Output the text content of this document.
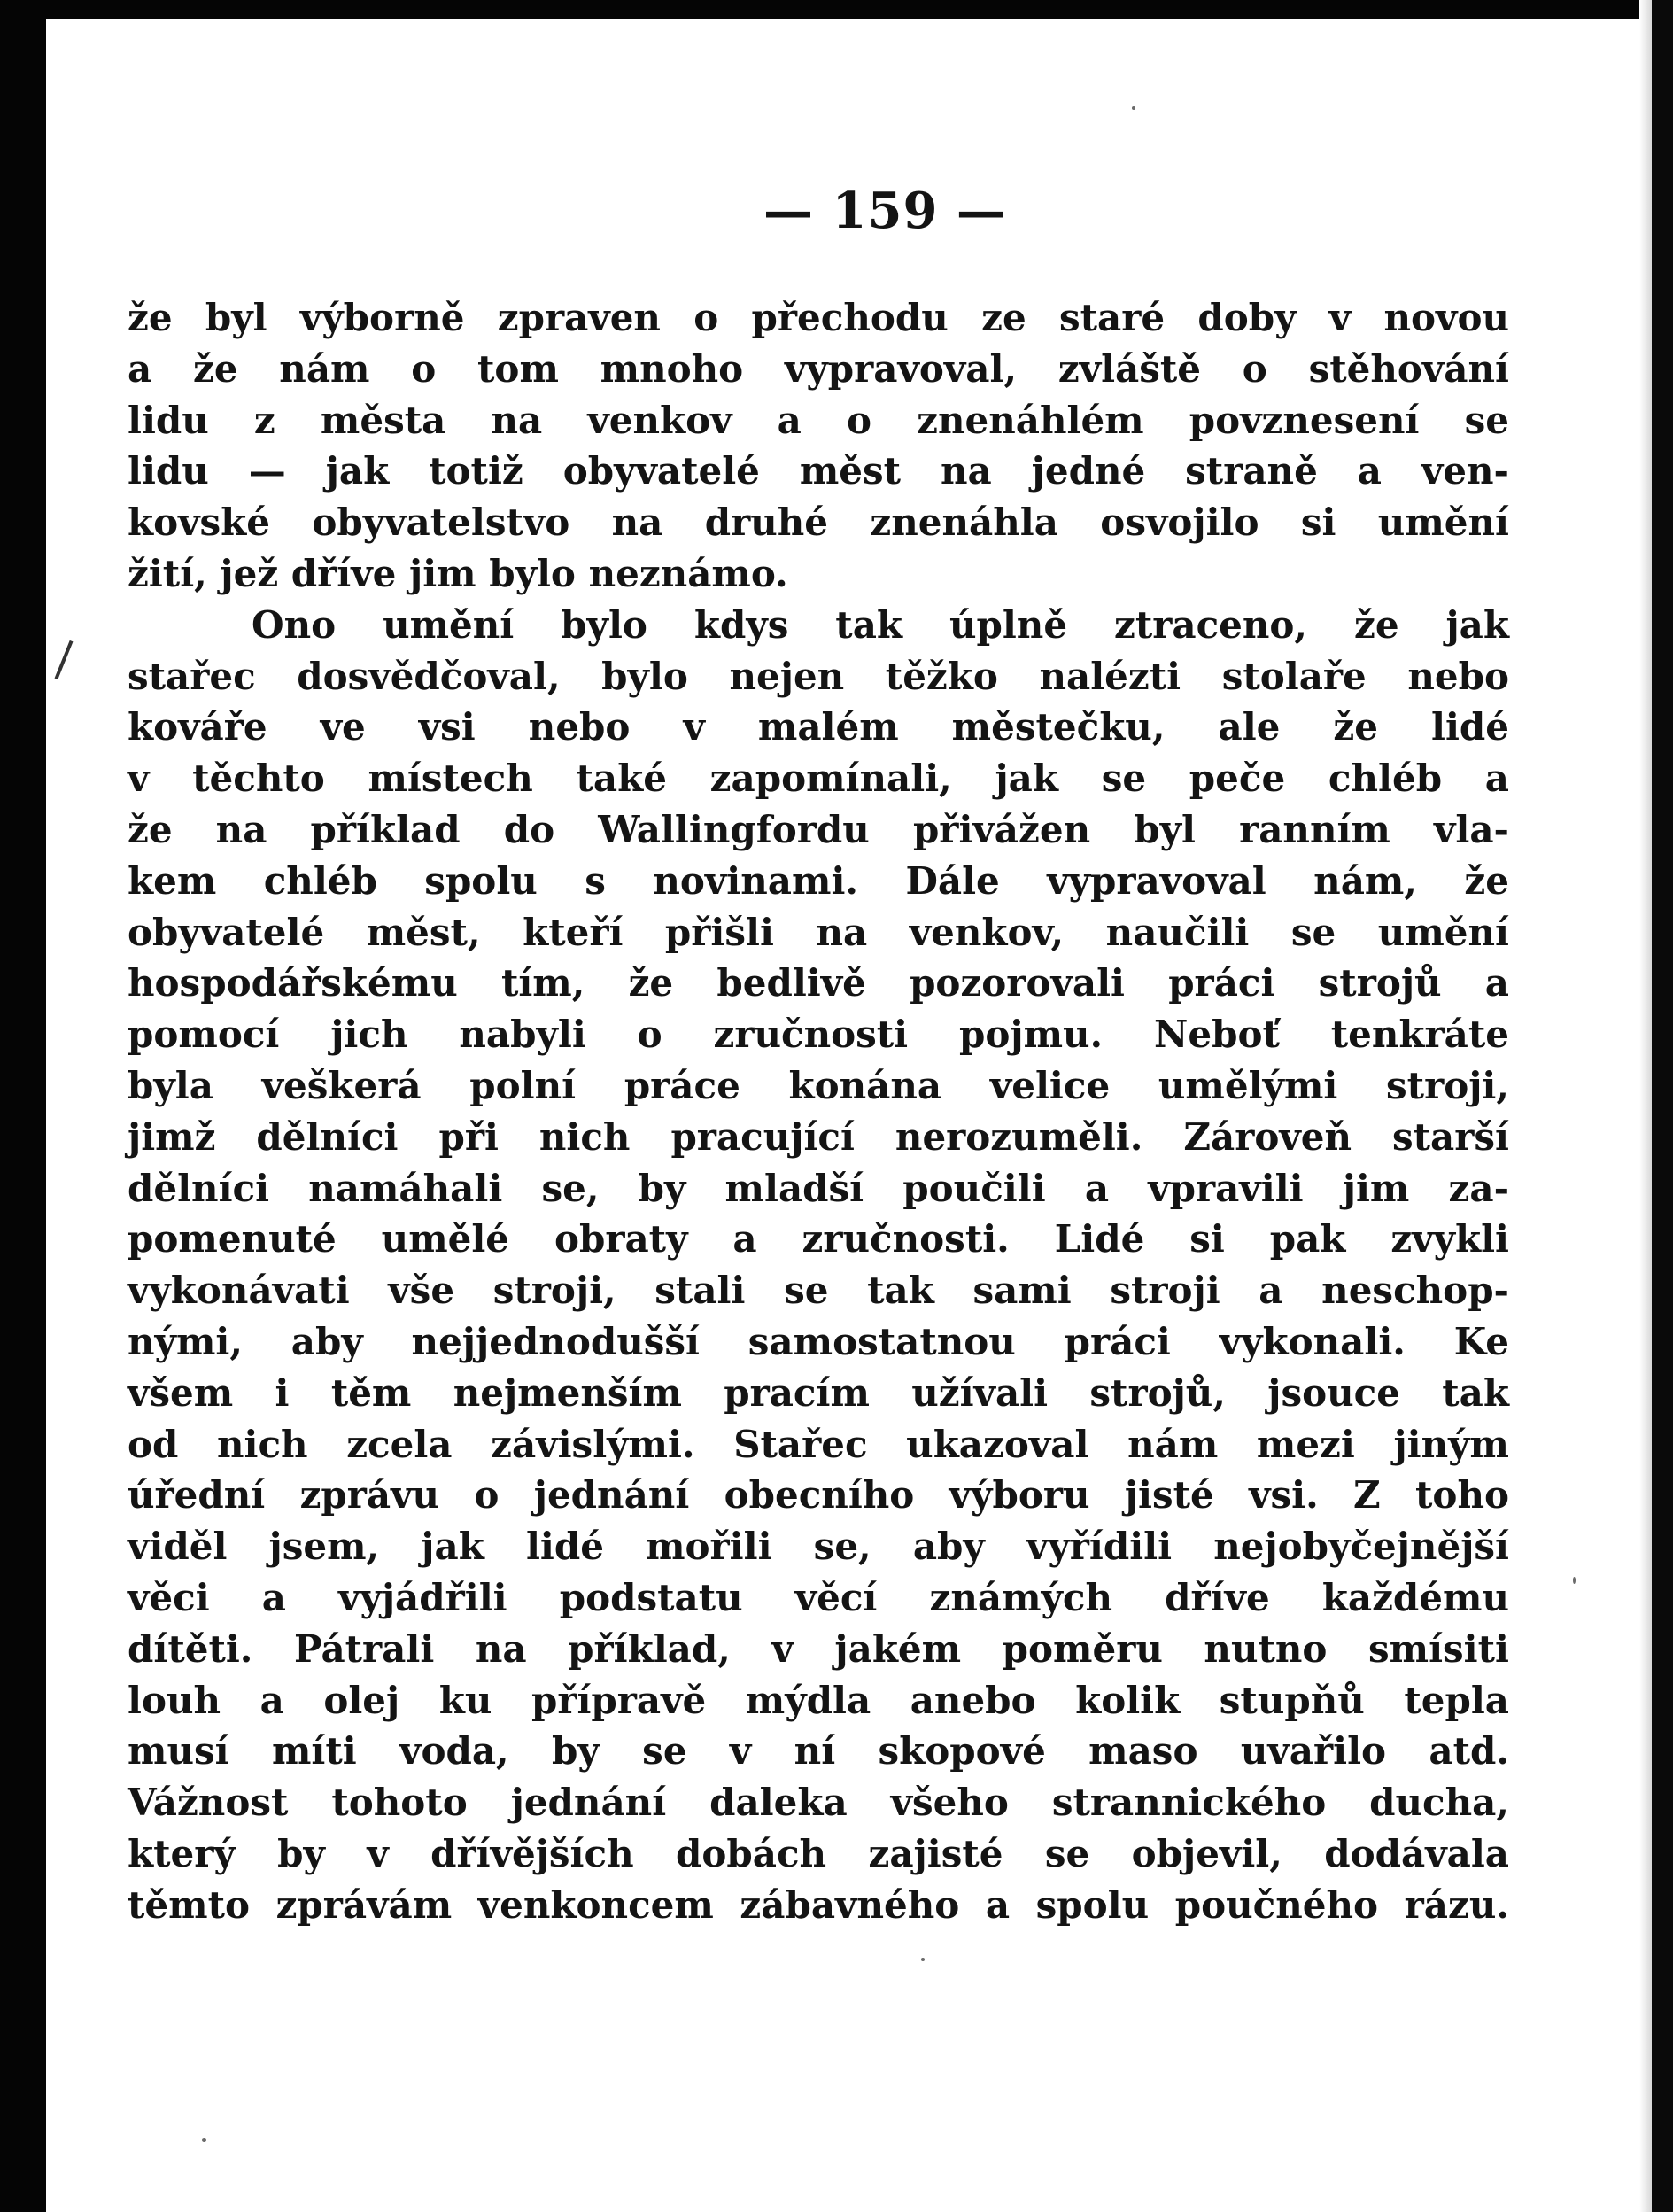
— 159 —
že byl výborně zpraven o přechodu ze staré doby v novou
a že nám o tom mnoho vypravoval, zvláště o stěhování
lidu z města na venkov a o znenáhlém povznesení se
lidu — jak totiž obyvatelé měst na jedné straně a ven-
kovské obyvatelstvo na druhé znenáhla osvojilo si umění
žití, jež dříve jim bylo neznámo.
Ono umění bylo kdys tak úplně ztraceno, že jak
stařec dosvědčoval, bylo nejen těžko nalézti stolaře nebo
kováře ve vsi nebo v malém městečku, ale že lidé
v těchto místech také zapomínali, jak se peče chléb a
že na příklad do Wallingfordu přivážen byl ranním vla-
kem chléb spolu s novinami. Dále vypravoval nám, že
obyvatelé měst, kteří přišli na venkov, naučili se umění
hospodářskému tím, že bedlivě pozorovali práci strojů a
pomocí jich nabyli o zručnosti pojmu. Neboť tenkráte
byla veškerá polní práce konána velice umělými stroji,
jimž dělníci při nich pracující nerozuměli. Zároveň starší
dělníci namáhali se, by mladší poučili a vpravili jim za-
pomenuté umělé obraty a zručnosti. Lidé si pak zvykli
vykonávati vše stroji, stali se tak sami stroji a neschop-
nými, aby nejjednodušší samostatnou práci vykonali. Ke
všem i těm nejmenším pracím užívali strojů, jsouce tak
od nich zcela závislými. Stařec ukazoval nám mezi jiným
úřední zprávu o jednání obecního výboru jisté vsi. Z toho
viděl jsem, jak lidé mořili se, aby vyřídili nejobyčejnější
věci a vyjádřili podstatu věcí známých dříve každému
dítěti. Pátrali na příklad, v jakém poměru nutno smísiti
louh a olej ku přípravě mýdla anebo kolik stupňů tepla
musí míti voda, by se v ní skopové maso uvařilo atd.
Vážnost tohoto jednání daleka všeho strannického ducha,
který by v dřívějších dobách zajisté se objevil, dodávala
těmto zprávám venkoncem zábavného a spolu poučného rázu.
